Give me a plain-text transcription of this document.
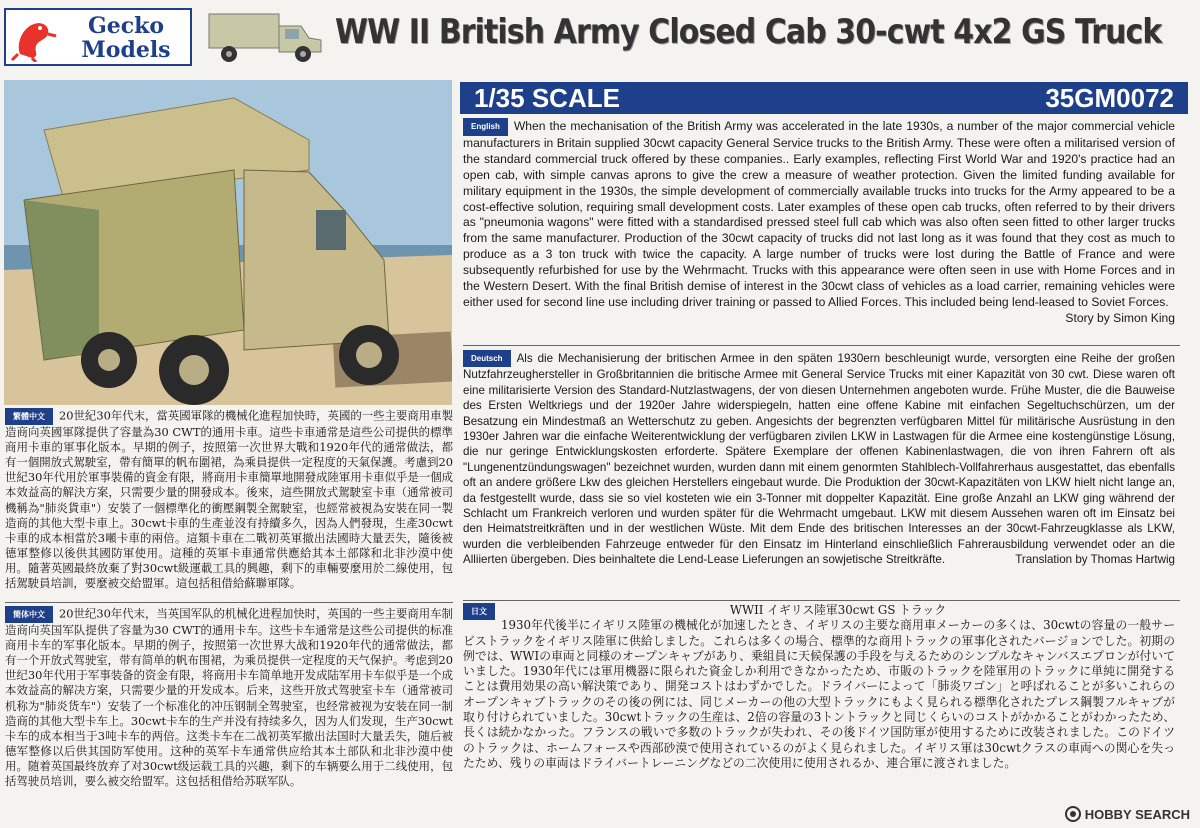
Gecko
Models	WW II British Army Closed Cab 30-cwt 4x2 GS Truck
1/35 SCALE	35GM0072
English When the mechanisation of the British Army was accelerated in the late 1930s, a number of the major commercial vehicle manufacturers in Britain supplied 30cwt capacity General Service trucks to the British Army. These were often a militarised version of the standard commercial truck offered by these companies.. Early examples, reflecting First World War and 1920's practice had an open cab, with simple canvas aprons to give the crew a measure of weather protection. Given the limited funding available for military equipment in the 1930s, the simple development of commercially available trucks into trucks for the Army appeared to be a cost-effective solution, requiring small development costs. Later examples of these open cab trucks, often referred to by their drivers as "pneumonia wagons" were fitted with a standardised pressed steel full cab which was also often seen fitted to other larger trucks from the same manufacturer. Production of the 30cwt capacity of trucks did not last long as it was found that they cost as much to produce as a 3 ton truck with twice the capacity. A large number of trucks were lost during the Battle of France and were subsequently refurbished for use by the Wehrmacht. Trucks with this appearance were often seen in use with Home Forces and in the Western Desert. With the final British demise of interest in the 30cwt class of vehicles as a load carrier, remaining vehicles were either used for second line use including driver training or passed to Allied Forces. This included being lend-leased to Soviet Forces.
Story by Simon King
Deutsch Als die Mechanisierung der britischen Armee in den späten 1930ern beschleunigt wurde, versorgten eine Reihe der großen Nutzfahrzeughersteller in Großbritannien die britische Armee mit General Service Trucks mit einer Kapazität von 30 cwt. Diese waren oft eine militarisierte Version des Standard-Nutzlastwagens, der von diesen Unternehmen angeboten wurde. Frühe Muster, die die Bauweise des Ersten Weltkriegs und der 1920er Jahre widerspiegeln, hatten eine offene Kabine mit einfachen Segeltuchschürzen, um der Besatzung ein Mindestmaß an Wetterschutz zu geben. Angesichts der begrenzten verfügbaren Mittel für militärische Ausrüstung in den 1930er Jahren war die einfache Weiterentwicklung der verfügbaren zivilen LKW in Lastwagen für die Armee eine kostengünstige Lösung, die nur geringe Entwicklungskosten erforderte. Spätere Exemplare der offenen Kabinenlastwagen, die von ihren Fahrern oft als "Lungenentzündungswagen" bezeichnet wurden, wurden dann mit einem genormten Stahlblech-Vollfahrerhaus ausgestattet, das ebenfalls oft an andere größere Lkw des gleichen Herstellers eingebaut wurde. Die Produktion der 30cwt-Kapazitäten von LKW hielt nicht lange an, da festgestellt wurde, dass sie so viel kosteten wie ein 3-Tonner mit doppelter Kapazität. Eine große Anzahl an LKW ging während der Schlacht um Frankreich verloren und wurden später für die Wehrmacht umgebaut. LKW mit diesem Aussehen waren oft im Einsatz bei den Heimatstreitkräften und in der westlichen Wüste. Mit dem Ende des britischen Interesses an der 30cwt-Fahrzeugklasse als LKW, wurden die verbleibenden Fahrzeuge entweder für den Einsatz im Hinterland einschließlich Fahrerausbildung verwendet oder an die Alliierten übergeben. Dies beinhaltete die Lend-Lease Lieferungen an sowjetische Streitkräfte.	Translation by Thomas Hartwig
日文	WWII イギリス陸軍30cwt GS トラック
1930年代後半にイギリス陸軍の機械化が加速したとき、イギリスの主要な商用車メーカーの多くは、30cwtの容量の一般サービストラックをイギリス陸軍に供給しました。これらは多くの場合、標準的な商用トラックの軍事化されたバージョンでした。初期の例では、WWIの車両と同様のオープンキャブがあり、乗組員に天候保護の手段を与えるためのシンプルなキャンバスエプロンが付いていました。1930年代には軍用機器に限られた資金しか利用できなかったため、市販のトラックを陸軍用のトラックに単純に開発することは費用効果の高い解決策であり、開発コストはわずかでした。ドライバーによって「肺炎ワゴン」と呼ばれることが多いこれらのオープンキャブトラックのその後の例には、同じメーカーの他の大型トラックにもよく見られる標準化されたプレス鋼製フルキャブが取り付けられていました。30cwtトラックの生産は、2倍の容量の3トントラックと同じくらいのコストがかかることがわかったため、長くは続かなかった。フランスの戦いで多数のトラックが失われ、その後ドイツ国防軍が使用するために改装されました。このドイツのトラックは、ホームフォースや西部砂漠で使用されているのがよく見られました。イギリス軍は30cwtクラスの車両への関心を失ったため、残りの車両はドライバートレーニングなどの二次使用に使用されるか、連合軍に渡されました。
繁體中文 20世紀30年代末，當英國軍隊的機械化進程加快時，英國的一些主要商用車製造商向英國軍隊提供了容量為30 CWT的通用卡車。這些卡車通常是這些公司提供的標準商用卡車的軍事化版本。早期的例子，按照第一次世界大戰和1920年代的通常做法，都有一個開放式駕駛室，帶有簡單的帆布圍裙，為乘員提供一定程度的天氣保護。考慮到20世紀30年代用於軍事裝備的資金有限，將商用卡車簡單地開發成陸軍用卡車似乎是一個成本效益高的解決方案，只需要少量的開發成本。後來，這些開放式駕駛室卡車（通常被司機稱為"肺炎貨車"）安裝了一個標準化的衝壓鋼製全駕駛室，也經常被視為安裝在同一製造商的其他大型卡車上。30cwt卡車的生產並沒有持續多久，因為人們發現，生產30cwt卡車的成本相當於3噸卡車的兩倍。這類卡車在二戰初英軍撤出法國時大量丟失，隨後被德軍整修以後供其國防軍使用。這種的英軍卡車通常供應給其本土部隊和北非沙漠中使用。隨著英國最終放棄了對30cwt級運載工具的興趣，剩下的車輛要麼用於二線使用，包括駕駛員培訓，要麼被交給盟軍。這包括租借給蘇聯軍隊。
簡体中文 20世纪30年代末，当英国军队的机械化进程加快时，英国的一些主要商用车制造商向英国军队提供了容量为30 CWT的通用卡车。这些卡车通常是这些公司提供的标准商用卡车的军事化版本。早期的例子，按照第一次世界大战和1920年代的通常做法，都有一个开放式驾驶室，带有简单的帆布围裙，为乘员提供一定程度的天气保护。考虑到20世纪30年代用于军事装备的资金有限，将商用卡车简单地开发成陆军用卡车似乎是一个成本效益高的解决方案，只需要少量的开发成本。后来，这些开放式驾驶室卡车（通常被司机称为"肺炎货车"）安装了一个标准化的冲压钢制全驾驶室，也经常被视为安装在同一制造商的其他大型卡车上。30cwt卡车的生产并没有持续多久，因为人们发现，生产30cwt卡车的成本相当于3吨卡车的两倍。这类卡车在二战初英军撤出法国时大量丢失，随后被德军整修以后供其国防军使用。这种的英军卡车通常供应给其本土部队和北非沙漠中使用。随着英国最终放弃了对30cwt级运载工具的兴趣，剩下的车辆要么用于二线使用，包括驾驶员培训，要么被交给盟军。这包括租借给苏联军队。
HOBBY SEARCH
